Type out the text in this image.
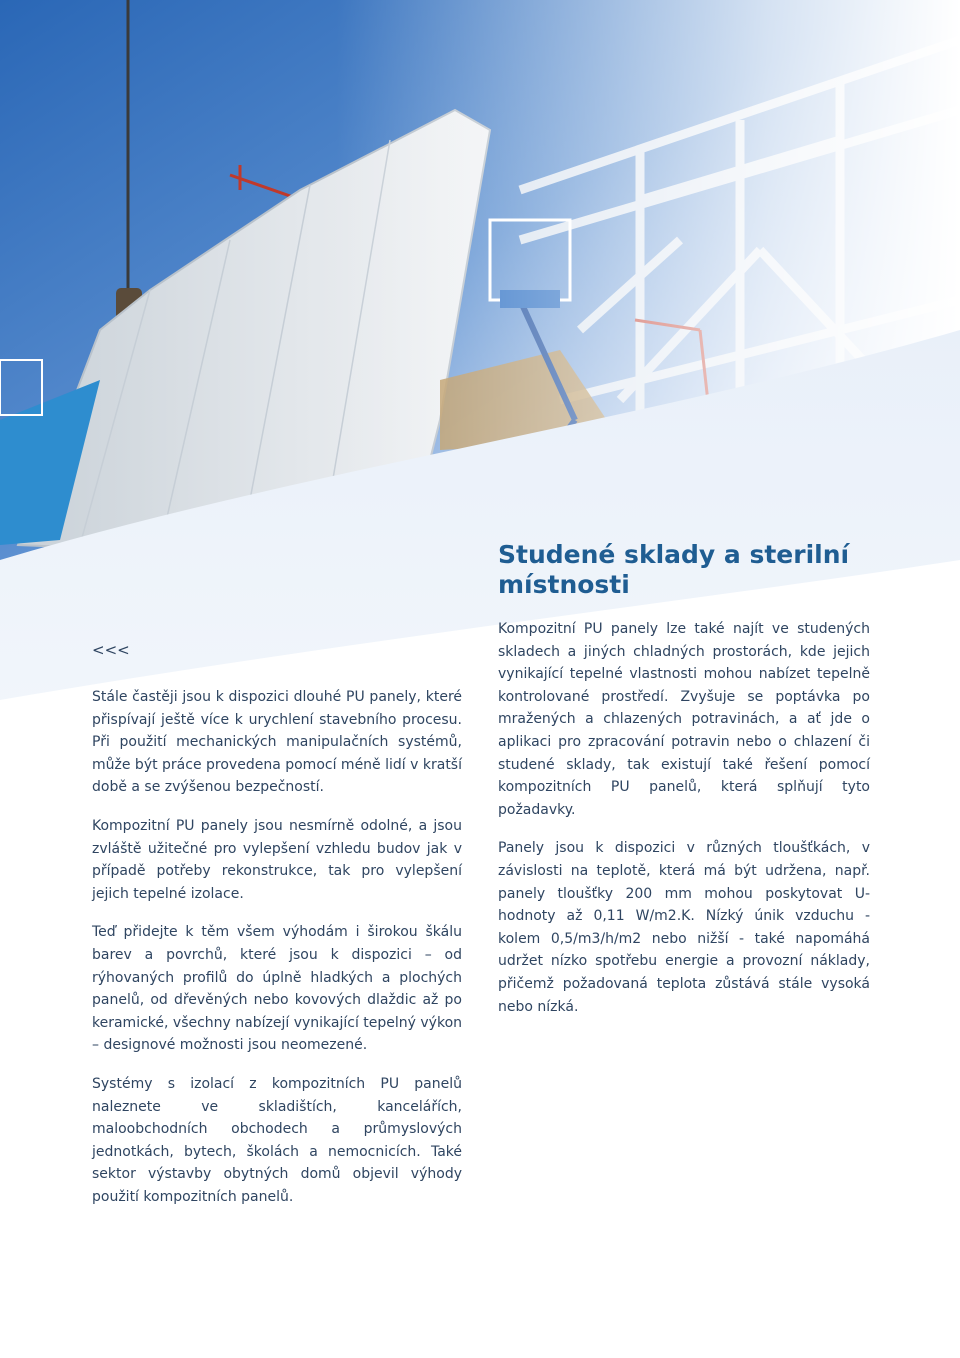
<<<
Studené sklady a sterilní místnosti

Stále častěji jsou k dispozici dlouhé PU panely, které přispívají ještě více k urychlení stavebního procesu. Při použití mechanických manipulačních systémů, může být práce provedena pomocí méně lidí v kratší době a se zvýšenou bezpečností.

Kompozitní PU panely jsou nesmírně odolné, a jsou zvláště užitečné pro vylepšení vzhledu budov jak v případě potřeby rekonstrukce, tak pro vylepšení jejich tepelné izolace.

Teď přidejte k těm všem výhodám i širokou škálu barev a povrchů, které jsou k dispozici – od rýhovaných profilů do úplně hladkých a plochých panelů, od dřevěných nebo kovových dlaždic až po keramické, všechny nabízejí vynikající tepelný výkon – designové možnosti jsou neomezené.

Systémy s izolací z kompozitních PU panelů naleznete ve skladištích, kancelářích, maloobchodních obchodech a průmyslových jednotkách, bytech, školách a nemocnicích. Také sektor výstavby obytných domů objevil výhody použití kompozitních panelů.

Kompozitní PU panely lze také najít ve studených skladech a jiných chladných prostorách, kde jejich vynikající tepelné vlastnosti mohou nabízet tepelně kontrolované prostředí. Zvyšuje se poptávka po mražených a chlazených potravinách, a ať jde o aplikaci pro zpracování potravin nebo o chlazení či studené sklady, tak existují také řešení pomocí kompozitních PU panelů, která splňují tyto požadavky.

Panely jsou k dispozici v různých tloušťkách, v závislosti na teplotě, která má být udržena, např. panely tloušťky 200 mm mohou poskytovat U-hodnoty až 0,11 W/m2.K. Nízký únik vzduchu - kolem 0,5/m3/h/m2 nebo nižší - také napomáhá udržet nízko spotřebu energie a provozní náklady, přičemž požadovaná teplota zůstává stále vysoká nebo nízká.
